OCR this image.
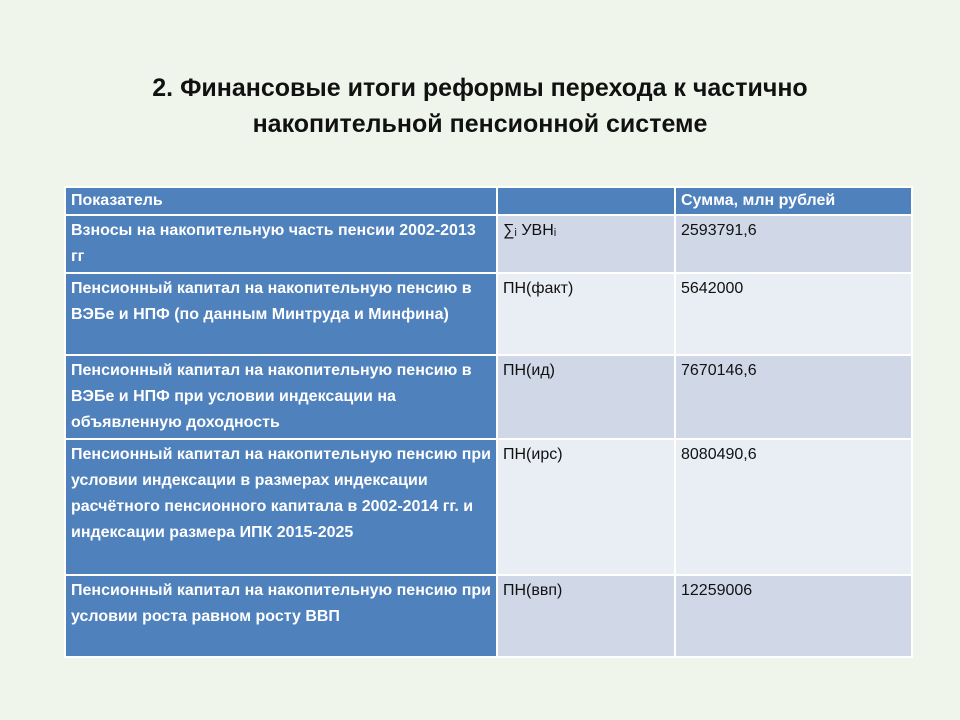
2. Финансовые итоги реформы перехода к частично
накопительной пенсионной системе
Показатель		Сумма, млн рублей
Взносы на накопительную часть пенсии 2002-2013 гг	∑ᵢ УВНᵢ	2593791,6
Пенсионный капитал на накопительную пенсию в ВЭБе и НПФ (по данным Минтруда и Минфина)	ПН(факт)	5642000
Пенсионный капитал на накопительную пенсию в ВЭБе и НПФ при условии индексации на объявленную доходность	ПН(ид)	7670146,6
Пенсионный капитал на накопительную пенсию при условии индексации в размерах индексации расчётного пенсионного капитала в 2002-2014 гг. и индексации размера ИПК 2015-2025	ПН(ирс)	8080490,6
Пенсионный капитал на накопительную пенсию при условии роста равном росту ВВП	ПН(ввп)	12259006
